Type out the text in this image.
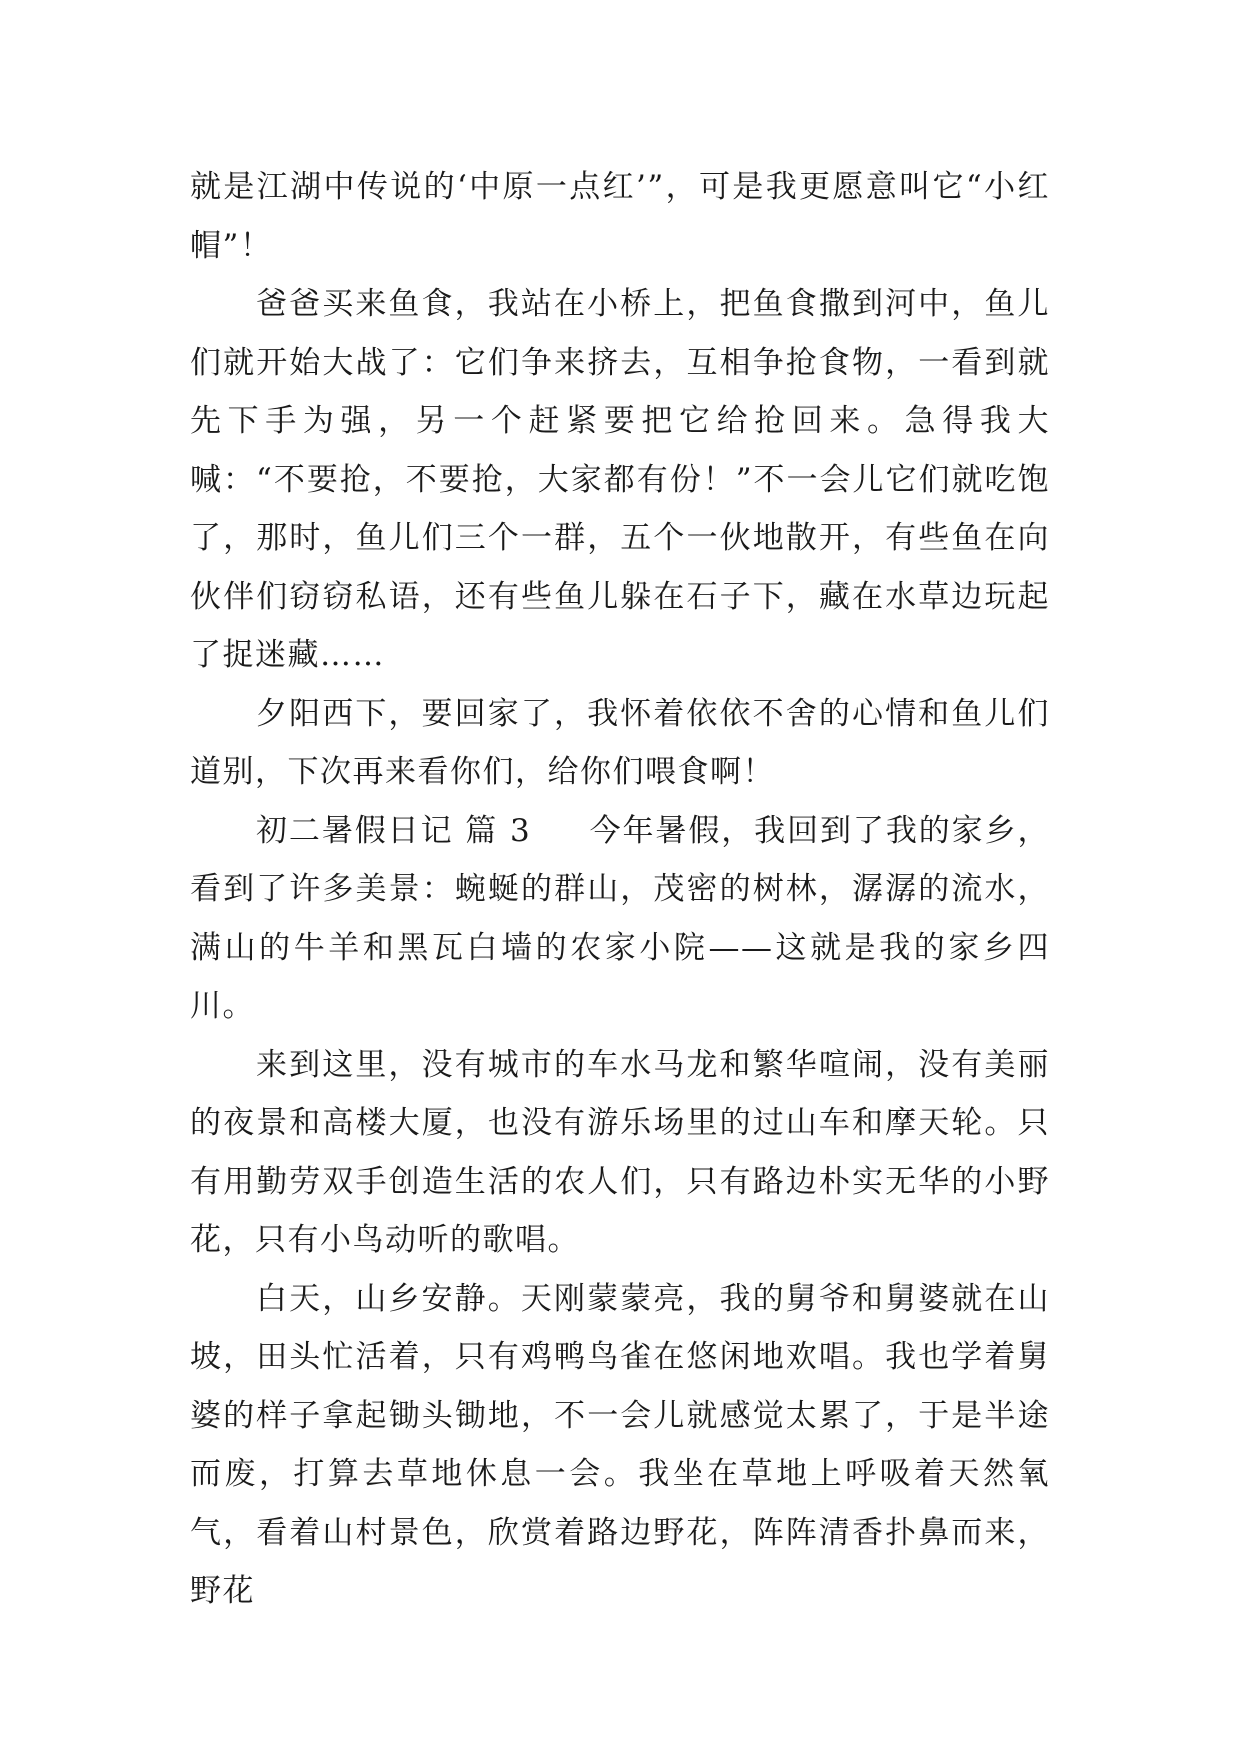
就是江湖中传说的‘中原一点红’”，可是我更愿意叫它“小红帽”！

爸爸买来鱼食，我站在小桥上，把鱼食撒到河中，鱼儿们就开始大战了：它们争来挤去，互相争抢食物，一看到就先下手为强，另一个赶紧要把它给抢回来。急得我大喊：“不要抢，不要抢，大家都有份！”不一会儿它们就吃饱了，那时，鱼儿们三个一群，五个一伙地散开，有些鱼在向伙伴们窃窃私语，还有些鱼儿躲在石子下，藏在水草边玩起了捉迷藏……

夕阳西下，要回家了，我怀着依依不舍的心情和鱼儿们道别，下次再来看你们，给你们喂食啊！

初二暑假日记 篇 3 今年暑假，我回到了我的家乡，看到了许多美景：蜿蜒的群山，茂密的树林，潺潺的流水，满山的牛羊和黑瓦白墙的农家小院——这就是我的家乡四川。

来到这里，没有城市的车水马龙和繁华喧闹，没有美丽的夜景和高楼大厦，也没有游乐场里的过山车和摩天轮。只有用勤劳双手创造生活的农人们，只有路边朴实无华的小野花，只有小鸟动听的歌唱。

白天，山乡安静。天刚蒙蒙亮，我的舅爷和舅婆就在山坡，田头忙活着，只有鸡鸭鸟雀在悠闲地欢唱。我也学着舅婆的样子拿起锄头锄地，不一会儿就感觉太累了，于是半途而废，打算去草地休息一会。我坐在草地上呼吸着天然氧气，看着山村景色，欣赏着路边野花，阵阵清香扑鼻而来，野花
